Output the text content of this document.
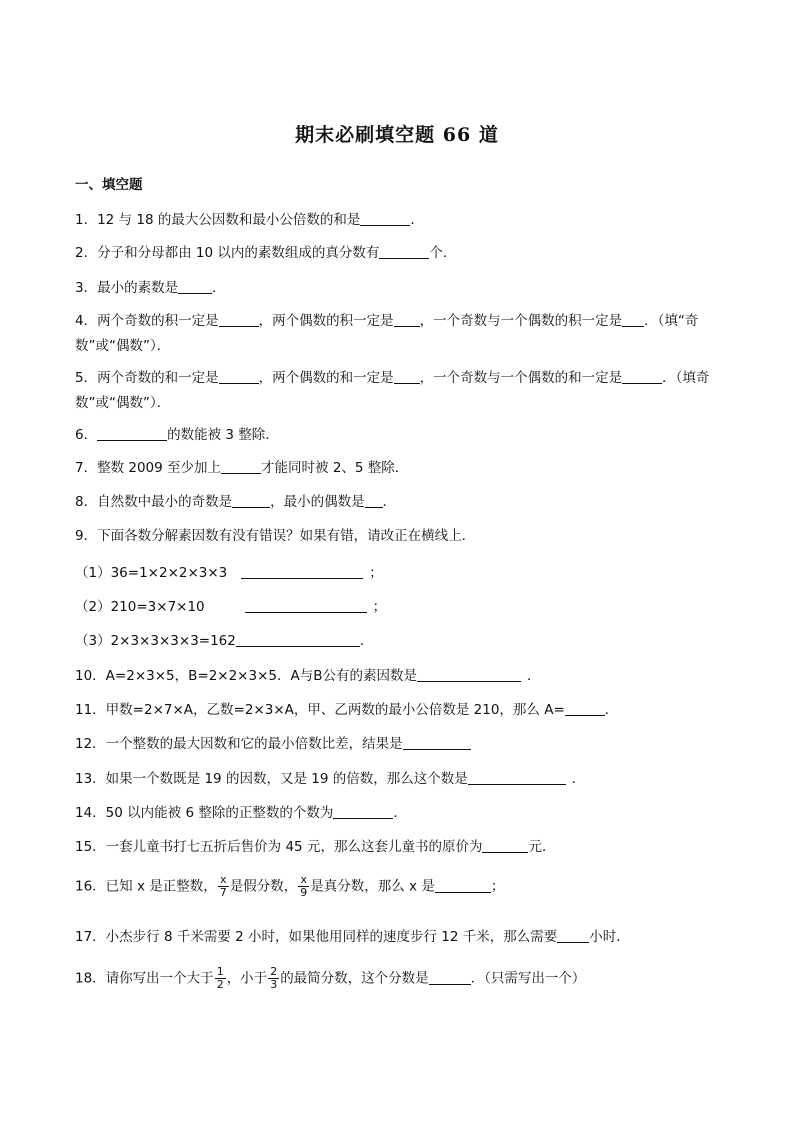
期末必刷填空题 66 道
一、填空题
1．12 与 18 的最大公因数和最小公倍数的和是	．
2．分子和分母都由 10 以内的素数组成的真分数有	个．
3．最小的素数是	．
4．两个奇数的积一定是	，两个偶数的积一定是 ，一个奇数与一个偶数的积一定是 ．（填“奇数”或“偶数”）．
5．两个奇数的和一定是	，两个偶数的和一定是 ，一个奇数与一个偶数的和一定是	．（填奇数”或“偶数”）．
6．	的数能被 3 整除．
7．整数 2009 至少加上	才能同时被 2、5 整除．
8．自然数中最小的奇数是	，最小的偶数是 ．
9．下面各数分解素因数有没有错误？如果有错，请改正在横线上.
（1）36=1×2×2×3×3	；
（2）210=3×7×10	；
（3）2×3×3×3×3=162	.
10．A=2×3×5，B=2×2×3×5．A与B公有的素因数是	．
11．甲数=2×7×A，乙数=2×3×A，甲、乙两数的最小公倍数是 210，那么 A=	．
12．一个整数的最大因数和它的最小倍数比差，结果是
13．如果一个数既是 19 的因数，又是 19 的倍数，那么这个数是	．
14．50 以内能被 6 整除的正整数的个数为	．
15．一套儿童书打七五折后售价为 45 元，那么这套儿童书的原价为	元．
16．已知 x 是正整数， $\frac{x}{7}$ 是假分数， $\frac{x}{9}$ 是真分数，那么 x 是	；
17．小杰步行 8 千米需要 2 小时，如果他用同样的速度步行 12 千米，那么需要 小时．
18．请你写出一个大于 $\frac{1}{2}$ ，小于 $\frac{2}{3}$ 的最简分数，这个分数是	．（只需写出一个）
